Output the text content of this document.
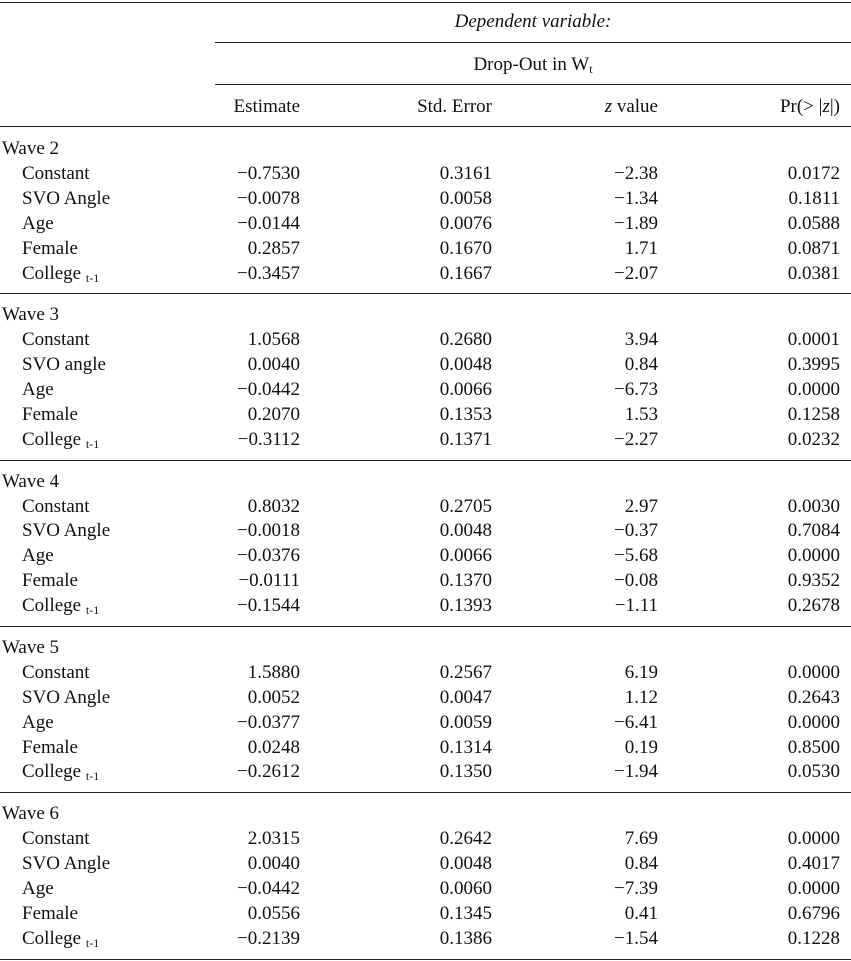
Dependent variable:
Drop-Out in $W_t$
Estimate	Std. Error	z value	Pr(> |z|)
Wave 2
Constant	−0.7530	0.3161	−2.38	0.0172
SVO Angle	−0.0078	0.0058	−1.34	0.1811
Age	−0.0144	0.0076	−1.89	0.0588
Female	0.2857	0.1670	1.71	0.0871
College $_{t-1}$	−0.3457	0.1667	−2.07	0.0381
Wave 3
Constant	1.0568	0.2680	3.94	0.0001
SVO angle	0.0040	0.0048	0.84	0.3995
Age	−0.0442	0.0066	−6.73	0.0000
Female	0.2070	0.1353	1.53	0.1258
College $_{t-1}$	−0.3112	0.1371	−2.27	0.0232
Wave 4
Constant	0.8032	0.2705	2.97	0.0030
SVO Angle	−0.0018	0.0048	−0.37	0.7084
Age	−0.0376	0.0066	−5.68	0.0000
Female	−0.0111	0.1370	−0.08	0.9352
College $_{t-1}$	−0.1544	0.1393	−1.11	0.2678
Wave 5
Constant	1.5880	0.2567	6.19	0.0000
SVO Angle	0.0052	0.0047	1.12	0.2643
Age	−0.0377	0.0059	−6.41	0.0000
Female	0.0248	0.1314	0.19	0.8500
College $_{t-1}$	−0.2612	0.1350	−1.94	0.0530
Wave 6
Constant	2.0315	0.2642	7.69	0.0000
SVO Angle	0.0040	0.0048	0.84	0.4017
Age	−0.0442	0.0060	−7.39	0.0000
Female	0.0556	0.1345	0.41	0.6796
College $_{t-1}$	−0.2139	0.1386	−1.54	0.1228
